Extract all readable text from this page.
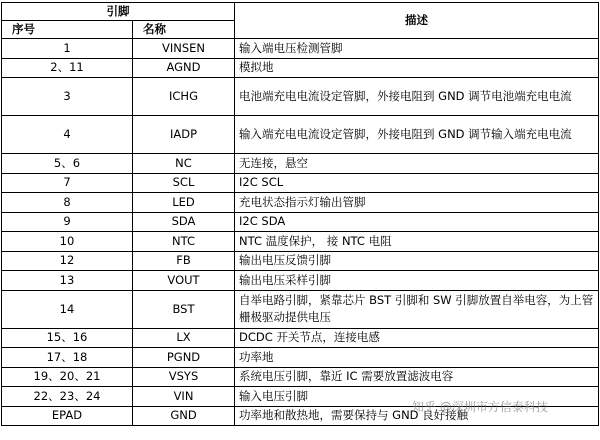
引脚		描述
序号	名称	
1	VINSEN	输入端电压检测管脚
2、11	AGND	模拟地
3	ICHG	电池端充电电流设定管脚，外接电阻到 GND 调节电池端充电电流
4	IADP	输入端充电电流设定管脚，外接电阻到 GND 调节输入端充电电流
5、6	NC	无连接，悬空
7	SCL	I2C SCL
8	LED	充电状态指示灯输出管脚
9	SDA	I2C SDA
10	NTC	NTC 温度保护， 接 NTC 电阻
12	FB	输出电压反馈引脚
13	VOUT	输出电压采样引脚
14	BST	自举电路引脚，紧靠芯片 BST 引脚和 SW 引脚放置自举电容，为上管栅极驱动提供电压
15、16	LX	DCDC 开关节点，连接电感
17、18	PGND	功率地
19、20、21	VSYS	系统电压引脚，靠近 IC 需要放置滤波电容
22、23、24	VIN	输入电压引脚
EPAD	GND	功率地和散热地，需要保持与 GND 良好接触
知乎 @深圳市方信泰科技
